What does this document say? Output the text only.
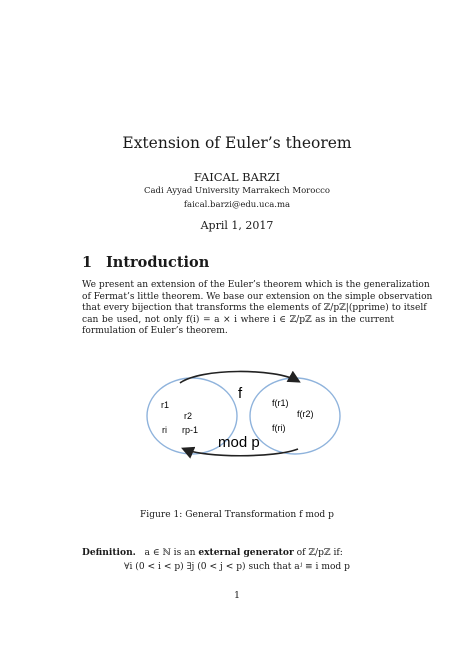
Extension of Euler’s theorem
FAICAL BARZI
Cadi Ayyad University Marrakech Morocco
faical.barzi@edu.uca.ma
April 1, 2017
1 Introduction
We present an extension of the Euler’s theorem which is the generalization
of Fermat’s little theorem. We base our extension on the simple observation
that every bijection that transforms the elements of ℤ/pℤ|(pprime) to itself
can be used, not only f(i) = a × i where i ∈ ℤ/pℤ as in the current
formulation of Euler’s theorem.
f
mod p
r1
r2
ri rp-1
f(r1)
f(r2)
f(ri)
Figure 1: General Transformation f mod p
Definition. a ∈ ℕ is an external generator of ℤ/pℤ if:
∀i (0 < i < p) ∃j (0 < j < p) such that aʲ ≡ i mod p
1
